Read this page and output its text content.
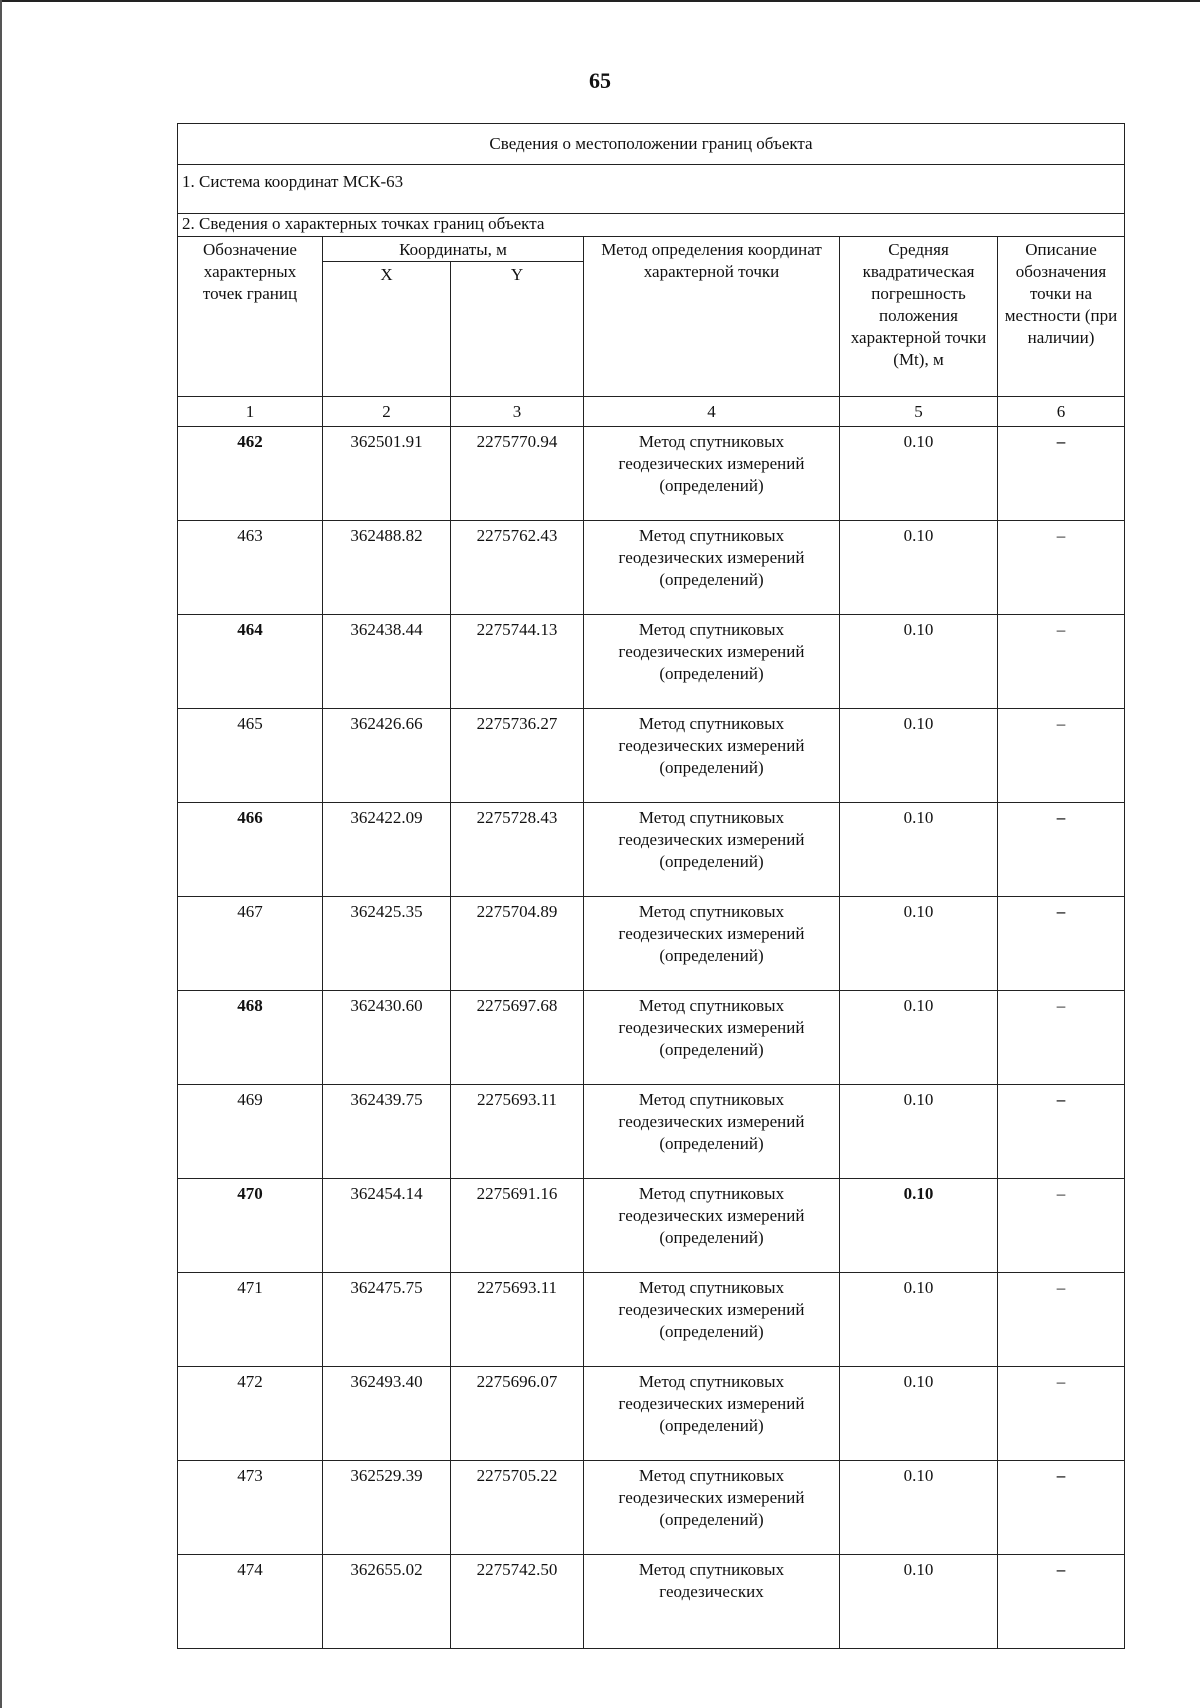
65
Сведения о местоположении границ объекта					
1. Система координат МСК-63					
2. Сведения о характерных точках границ объекта					
Обозначение характерных точек границ	Координаты, м		Метод определения координат характерной точки	Средняя квадратическая погрешность положения характерной точки (Mt), м	Описание обозначения точки на местности (при наличии)
	X	Y			
1	2	3	4	5	6
462	362501.91	2275770.94	Метод спутниковых геодезических измерений (определений)	0.10	–
463	362488.82	2275762.43	Метод спутниковых геодезических измерений (определений)	0.10	–
464	362438.44	2275744.13	Метод спутниковых геодезических измерений (определений)	0.10	–
465	362426.66	2275736.27	Метод спутниковых геодезических измерений (определений)	0.10	–
466	362422.09	2275728.43	Метод спутниковых геодезических измерений (определений)	0.10	–
467	362425.35	2275704.89	Метод спутниковых геодезических измерений (определений)	0.10	–
468	362430.60	2275697.68	Метод спутниковых геодезических измерений (определений)	0.10	–
469	362439.75	2275693.11	Метод спутниковых геодезических измерений (определений)	0.10	–
470	362454.14	2275691.16	Метод спутниковых геодезических измерений (определений)	0.10	–
471	362475.75	2275693.11	Метод спутниковых геодезических измерений (определений)	0.10	–
472	362493.40	2275696.07	Метод спутниковых геодезических измерений (определений)	0.10	–
473	362529.39	2275705.22	Метод спутниковых геодезических измерений (определений)	0.10	–
474	362655.02	2275742.50	Метод спутниковых геодезических	0.10	–
